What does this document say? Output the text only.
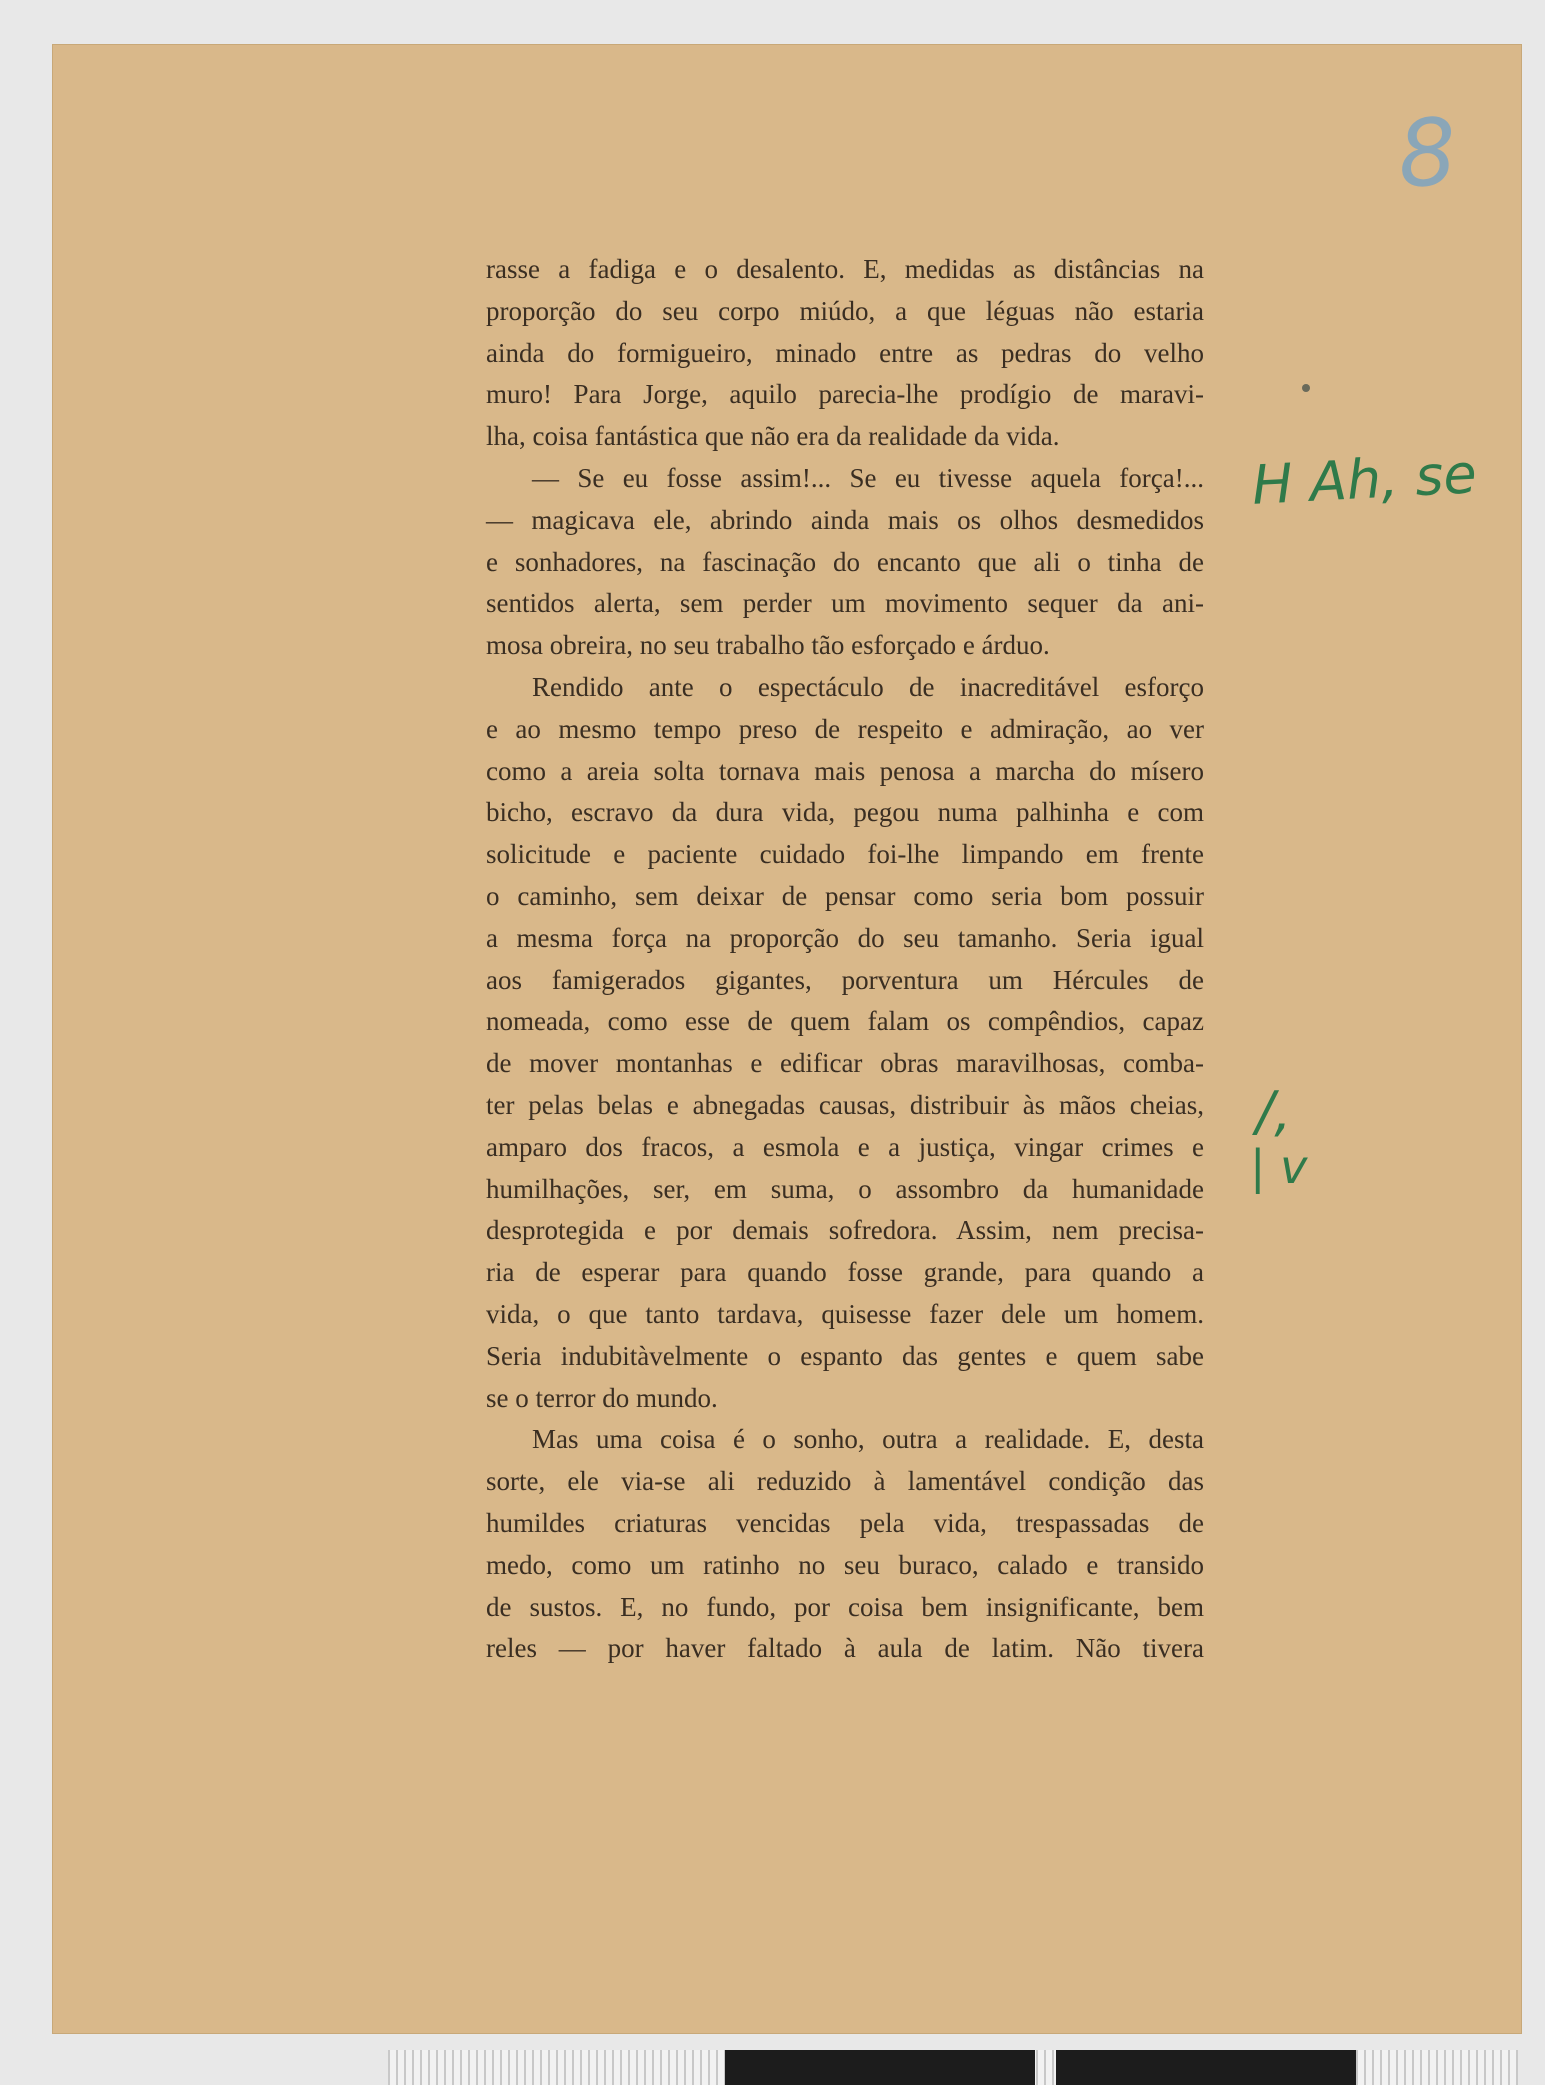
8
rasse a fadiga e o desalento. E, medidas as distâncias na
proporção do seu corpo miúdo, a que léguas não estaria
ainda do formigueiro, minado entre as pedras do velho
muro! Para Jorge, aquilo parecia-lhe prodígio de maravi-
lha, coisa fantástica que não era da realidade da vida.
— Se eu fosse assim!... Se eu tivesse aquela força!...
— magicava ele, abrindo ainda mais os olhos desmedidos
e sonhadores, na fascinação do encanto que ali o tinha de
sentidos alerta, sem perder um movimento sequer da ani-
mosa obreira, no seu trabalho tão esforçado e árduo.
Rendido ante o espectáculo de inacreditável esforço
e ao mesmo tempo preso de respeito e admiração, ao ver
como a areia solta tornava mais penosa a marcha do mísero
bicho, escravo da dura vida, pegou numa palhinha e com
solicitude e paciente cuidado foi-lhe limpando em frente
o caminho, sem deixar de pensar como seria bom possuir
a mesma força na proporção do seu tamanho. Seria igual
aos famigerados gigantes, porventura um Hércules de
nomeada, como esse de quem falam os compêndios, capaz
de mover montanhas e edificar obras maravilhosas, comba-
ter pelas belas e abnegadas causas, distribuir às mãos cheias,
amparo dos fracos, a esmola e a justiça, vingar crimes e
humilhações, ser, em suma, o assombro da humanidade
desprotegida e por demais sofredora. Assim, nem precisa-
ria de esperar para quando fosse grande, para quando a
vida, o que tanto tardava, quisesse fazer dele um homem.
Seria indubitàvelmente o espanto das gentes e quem sabe
se o terror do mundo.
Mas uma coisa é o sonho, outra a realidade. E, desta
sorte, ele via-se ali reduzido à lamentável condição das
humildes criaturas vencidas pela vida, trespassadas de
medo, como um ratinho no seu buraco, calado e transido
de sustos. E, no fundo, por coisa bem insignificante, bem
reles — por haver faltado à aula de latim. Não tivera
H Ah, se
/,
| v
